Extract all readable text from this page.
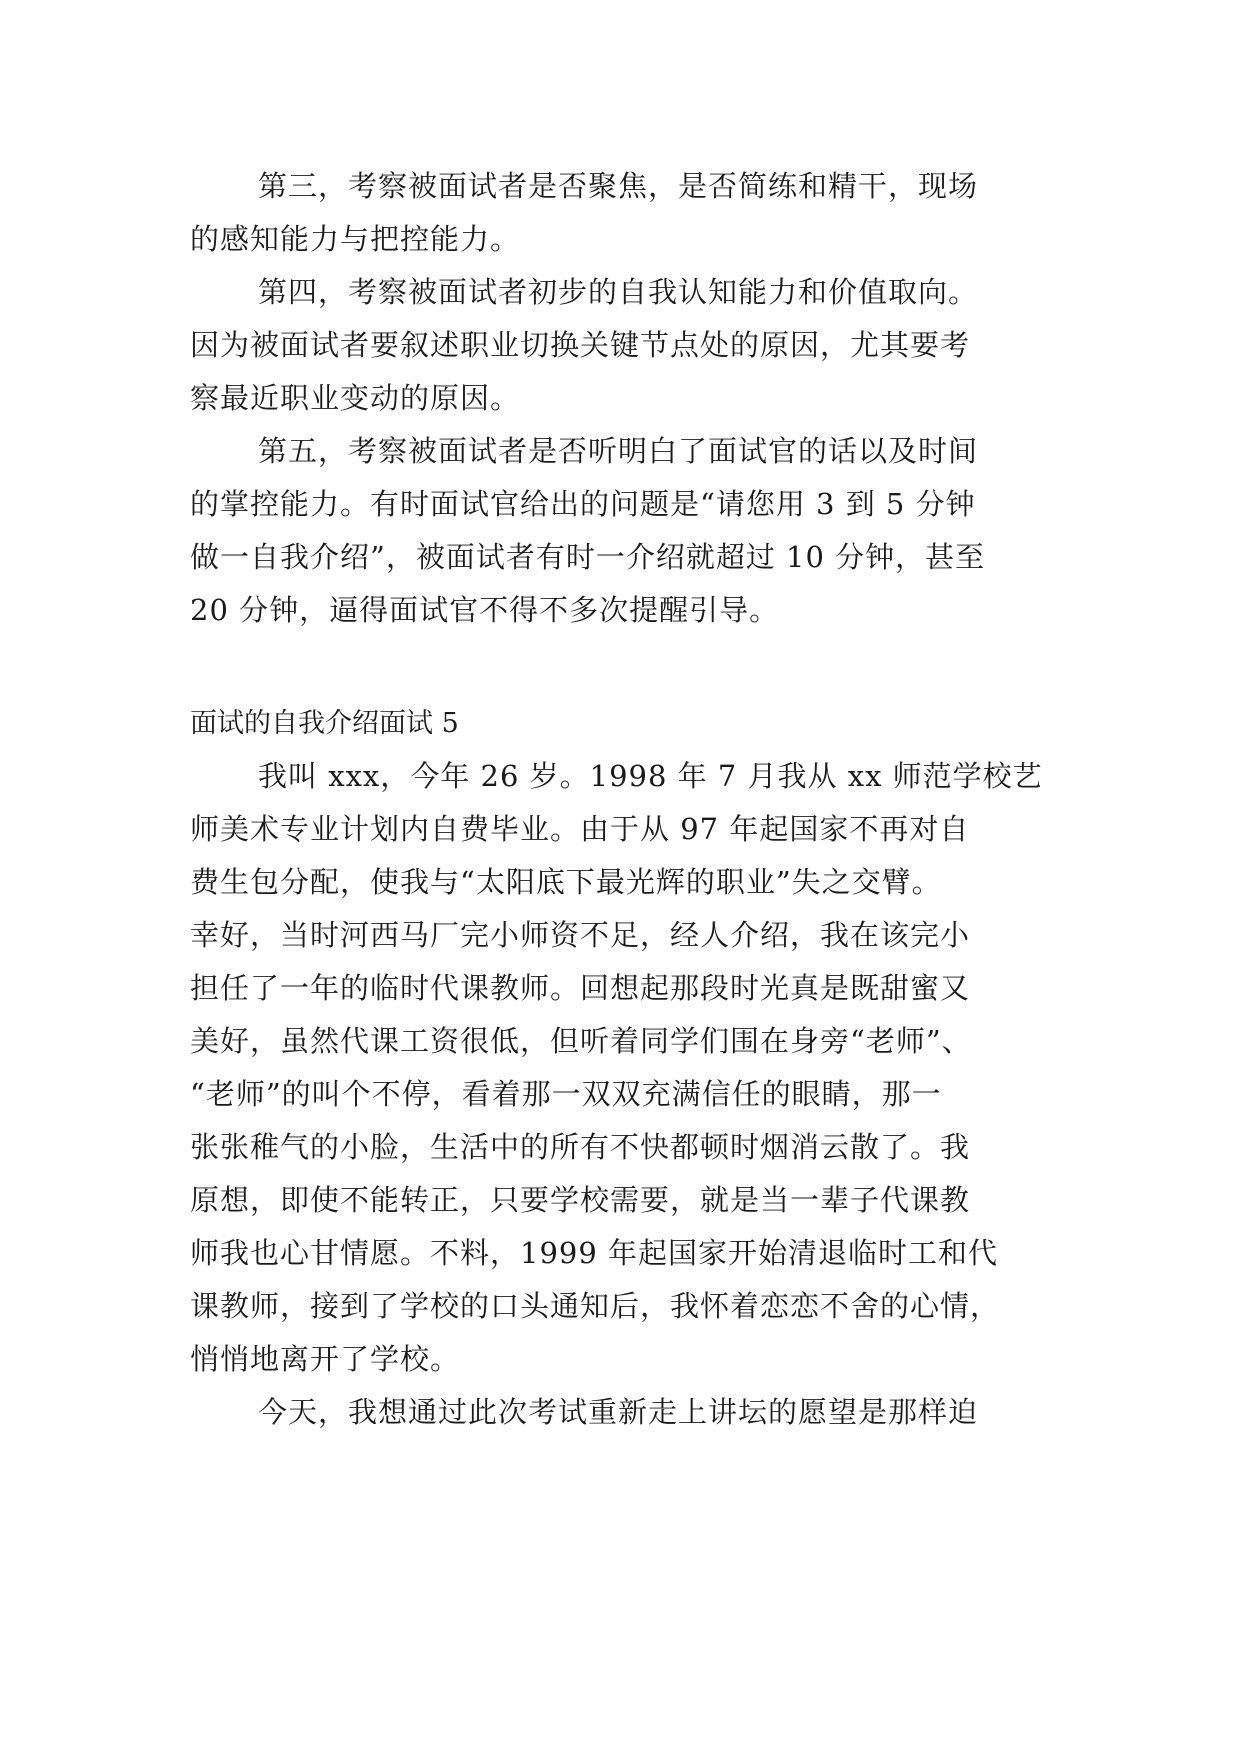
第三，考察被面试者是否聚焦，是否简练和精干，现场
的感知能力与把控能力。
第四，考察被面试者初步的自我认知能力和价值取向。
因为被面试者要叙述职业切换关键节点处的原因，尤其要考
察最近职业变动的原因。
第五，考察被面试者是否听明白了面试官的话以及时间
的掌控能力。有时面试官给出的问题是“请您用 3 到 5 分钟
做一自我介绍”，被面试者有时一介绍就超过 10 分钟，甚至
20 分钟，逼得面试官不得不多次提醒引导。
面试的自我介绍面试 5
我叫 xxx，今年 26 岁。1998 年 7 月我从 xx 师范学校艺
师美术专业计划内自费毕业。由于从 97 年起国家不再对自
费生包分配，使我与“太阳底下最光辉的职业”失之交臂。
幸好，当时河西马厂完小师资不足，经人介绍，我在该完小
担任了一年的临时代课教师。回想起那段时光真是既甜蜜又
美好，虽然代课工资很低，但听着同学们围在身旁“老师”、
“老师”的叫个不停，看着那一双双充满信任的眼睛，那一
张张稚气的小脸，生活中的所有不快都顿时烟消云散了。我
原想，即使不能转正，只要学校需要，就是当一辈子代课教
师我也心甘情愿。不料，1999 年起国家开始清退临时工和代
课教师，接到了学校的口头通知后，我怀着恋恋不舍的心情，
悄悄地离开了学校。
今天，我想通过此次考试重新走上讲坛的愿望是那样迫
